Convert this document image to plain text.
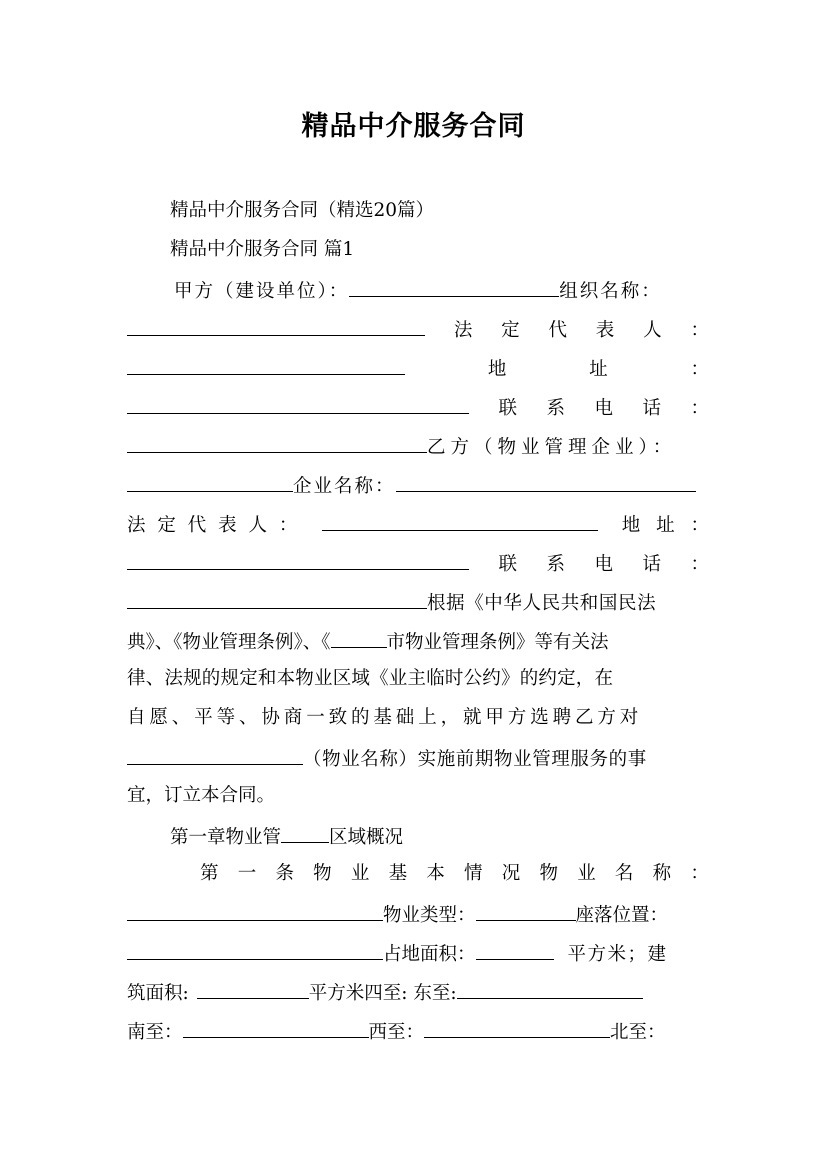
精品中介服务合同
精品中介服务合同（精选20篇）
精品中介服务合同 篇1
甲方（建设单位）：	组织名称：
法 定 代 表 人 ：
地	址	：
联 系 电 话 ：
乙方（物业管理企业）：
企业名称：
法 定 代 表 人 ：	地 址 ：
联 系 电 话 ：
根据《中华人民共和国民法
典》、《物业管理条例》、《	市物业管理条例》等有关法
律、法规的规定和本物业区域《业主临时公约》的约定，在
自愿、平等、协商一致的基础上，就甲方选聘乙方对
（物业名称）实施前期物业管理服务的事
宜，订立本合同。
第一章物业管	区域概况
第 一 条 物 业 基 本 情 况 物 业 名 称 ：
物业类型：	座落位置：
占地面积：	平方米；建
筑面积:	平方米四至: 东至:
南至：	西至：	北至：
